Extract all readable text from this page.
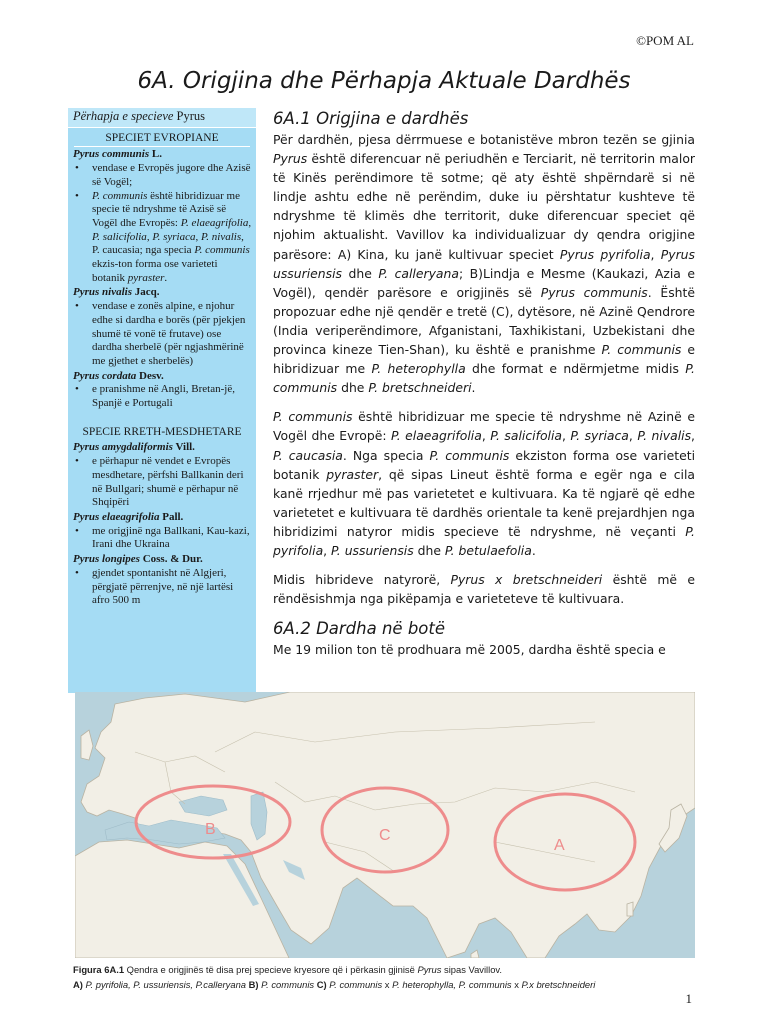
©POM AL
6A. Origjina dhe Përhapja Aktuale Dardhës
Përhapja e specieve Pyrus
SPECIET EVROPIANE
Pyrus communis L.
• vendase e Evropës jugore dhe Azisë së Vogël;
• P. communis është hibridizuar me specie të ndryshme të Azisë së Vogël dhe Evropës: P. elaeagrifolia, P. salicifolia, P. syriaca, P. nivalis, P. caucasia; nga specia P. communis ekzis-ton forma ose varieteti botanik pyraster.
Pyrus nivalis Jacq.
• vendase e zonës alpine, e njohur edhe si dardha e borës (për pjekjen shumë të vonë të frutave) ose dardha sherbelë (për ngjashmërinë me gjethet e sherbelës)
Pyrus cordata Desv.
• e pranishme në Angli, Bretan-jë, Spanjë e Portugali
SPECIE RRETH-MESDHETARE
Pyrus amygdaliformis Vill.
• e përhapur në vendet e Evropës mesdhetare, përfshi Ballkanin deri në Bullgari; shumë e përhapur në Shqipëri
Pyrus elaeagrifolia Pall.
• me origjinë nga Ballkani, Kau-kazi, Irani dhe Ukraina
Pyrus longipes Coss. & Dur.
• gjendet spontanisht në Algjeri, përgjatë përrenjve, në një lartësi afro 500 m
6A.1 Origjina e dardhës

Për dardhën, pjesa dërrmuese e botanistëve mbron tezën se gjinia Pyrus është diferencuar në periudhën e Terciarit, në territorin malor të Kinës perëndimore të sotme; që aty është shpërndarë si në lindje ashtu edhe në perëndim, duke iu përshtatur kushteve të ndryshme të klimës dhe territorit, duke diferencuar speciet që njohim aktualisht. Vavillov ka individualizuar dy qendra origjine parësore: A) Kina, ku janë kultivuar speciet Pyrus pyrifolia, Pyrus ussuriensis dhe P. calleryana; B)Lindja e Mesme (Kaukazi, Azia e Vogël), qendër parësore e origjinës së Pyrus communis. Është propozuar edhe një qendër e tretë (C), dytësore, në Azinë Qendrore (India veriperëndimore, Afganistani, Taxhikistani, Uzbekistani dhe provinca kineze Tien-Shan), ku është e pranishme P. communis e hibridizuar me P. heterophylla dhe format e ndërmjetme midis P. communis dhe P. bretschneideri.

P. communis është hibridizuar me specie të ndryshme në Azinë e Vogël dhe Evropë: P. elaeagrifolia, P. salicifolia, P. syriaca, P. nivalis, P. caucasia. Nga specia P. communis ekziston forma ose varieteti botanik pyraster, që sipas Lineut është forma e egër nga e cila kanë rrjedhur më pas varietetet e kultivuara. Ka të ngjarë që edhe varietetet e kultivuara të dardhës orientale ta kenë prejardhjen nga hibridizimi natyror midis specieve të ndryshme, në veçanti P. pyrifolia, P. ussuriensis dhe P. betulaefolia.

Midis hibrideve natyrorë, Pyrus x bretschneideri është më e rëndësishmja nga pikëpamja e varieteteve të kultivuara.

6A.2 Dardha në botë

Me 19 milion ton të prodhuara më 2005, dardha është specia e

B	C
A
Figura 6A.1 Qendra e origjinës të disa prej specieve kryesore që i përkasin gjinisë Pyrus sipas Vavillov.
A) P. pyrifolia, P. ussuriensis, P.calleryana B) P. communis C) P. communis x P. heterophylla, P. communis x P.x bretschneideri
1
